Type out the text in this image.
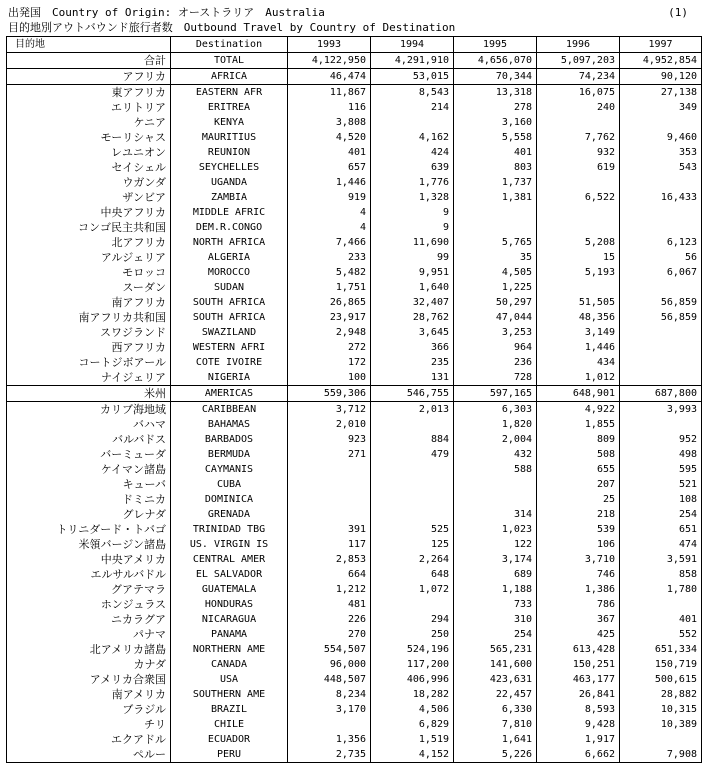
出発国　Country of Origin: オーストラリア　Australia	(1)
目的地別アウトバウンド旅行者数　Outbound Travel by Country of Destination
目的地	Destination	1993	1994	1995	1996	1997
合計	TOTAL	4,122,950	4,291,910	4,656,070	5,097,203	4,952,854
アフリカ	AFRICA	46,474	53,015	70,344	74,234	90,120
東アフリカ	EASTERN AFR	11,867	8,543	13,318	16,075	27,138
エリトリア	ERITREA	116	214	278	240	349
ケニア	KENYA	3,808		3,160		
モーリシャス	MAURITIUS	4,520	4,162	5,558	7,762	9,460
レユニオン	REUNION	401	424	401	932	353
セイシェル	SEYCHELLES	657	639	803	619	543
ウガンダ	UGANDA	1,446	1,776	1,737		
ザンビア	ZAMBIA	919	1,328	1,381	6,522	16,433
中央アフリカ	MIDDLE AFRIC	4	9			
コンゴ民主共和国	DEM.R.CONGO	4	9			
北アフリカ	NORTH AFRICA	7,466	11,690	5,765	5,208	6,123
アルジェリア	ALGERIA	233	99	35	15	56
モロッコ	MOROCCO	5,482	9,951	4,505	5,193	6,067
スーダン	SUDAN	1,751	1,640	1,225		
南アフリカ	SOUTH AFRICA	26,865	32,407	50,297	51,505	56,859
南アフリカ共和国	SOUTH AFRICA	23,917	28,762	47,044	48,356	56,859
スワジランド	SWAZILAND	2,948	3,645	3,253	3,149	
西アフリカ	WESTERN AFRI	272	366	964	1,446	
コートジボアール	COTE IVOIRE	172	235	236	434	
ナイジェリア	NIGERIA	100	131	728	1,012	
米州	AMERICAS	559,306	546,755	597,165	648,901	687,800
カリブ海地域	CARIBBEAN	3,712	2,013	6,303	4,922	3,993
バハマ	BAHAMAS	2,010		1,820	1,855	
バルバドス	BARBADOS	923	884	2,004	809	952
バーミューダ	BERMUDA	271	479	432	508	498
ケイマン諸島	CAYMANIS			588	655	595
キューバ	CUBA				207	521
ドミニカ	DOMINICA				25	108
グレナダ	GRENADA			314	218	254
トリニダード・トバゴ	TRINIDAD TBG	391	525	1,023	539	651
米領バージン諸島	US. VIRGIN IS	117	125	122	106	474
中央アメリカ	CENTRAL AMER	2,853	2,264	3,174	3,710	3,591
エルサルバドル	EL SALVADOR	664	648	689	746	858
グアテマラ	GUATEMALA	1,212	1,072	1,188	1,386	1,780
ホンジュラス	HONDURAS	481		733	786	
ニカラグア	NICARAGUA	226	294	310	367	401
パナマ	PANAMA	270	250	254	425	552
北アメリカ諸島	NORTHERN AME	554,507	524,196	565,231	613,428	651,334
カナダ	CANADA	96,000	117,200	141,600	150,251	150,719
アメリカ合衆国	USA	448,507	406,996	423,631	463,177	500,615
南アメリカ	SOUTHERN AME	8,234	18,282	22,457	26,841	28,882
ブラジル	BRAZIL	3,170	4,506	6,330	8,593	10,315
チリ	CHILE		6,829	7,810	9,428	10,389
エクアドル	ECUADOR	1,356	1,519	1,641	1,917	
ペルー	PERU	2,735	4,152	5,226	6,662	7,908
